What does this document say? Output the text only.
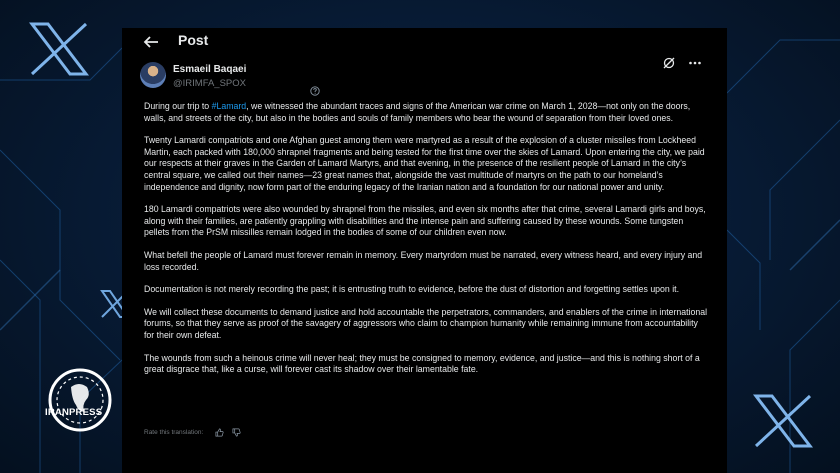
Post
Esmaeil Baqaei
@IRIMFA_SPOX

During our trip to #Lamard, we witnessed the abundant traces and signs of the American war crime on March 1, 2028—not only on the doors, walls, and streets of the city, but also in the bodies and souls of family members who bear the wound of separation from their loved ones.

Twenty Lamardi compatriots and one Afghan guest among them were martyred as a result of the explosion of a cluster missiles from Lockheed Martin, each packed with 180,000 shrapnel fragments and being tested for the first time over the skies of Lamard. Upon entering the city, we paid our respects at their graves in the Garden of Lamard Martyrs, and that evening, in the presence of the resilient people of Lamard in the city’s central square, we called out their names—23 great names that, alongside the vast multitude of martyrs on the path to our homeland’s independence and dignity, now form part of the enduring legacy of the Iranian nation and a foundation for our national power and unity.

180 Lamardi compatriots were also wounded by shrapnel from the missiles, and even six months after that crime, several Lamardi girls and boys, along with their families, are patiently grappling with disabilities and the intense pain and suffering caused by these wounds. Some tungsten pellets from the PrSM missilles remain lodged in the bodies of some of our children even now.

What befell the people of Lamard must forever remain in memory. Every martyrdom must be narrated, every witness heard, and every injury and loss recorded.

Documentation is not merely recording the past; it is entrusting truth to evidence, before the dust of distortion and forgetting settles upon it.

We will collect these documents to demand justice and hold accountable the perpetrators, commanders, and enablers of the crime in international forums, so that they serve as proof of the savagery of aggressors who claim to champion humanity while remaining immune from accountability for their own defeat.

The wounds from such a heinous crime will never heal; they must be consigned to memory, evidence, and justice—and this is nothing short of a great disgrace that, like a curse, will forever cast its shadow over their lamentable fate.

Rate this translation:
IRANPRESS
